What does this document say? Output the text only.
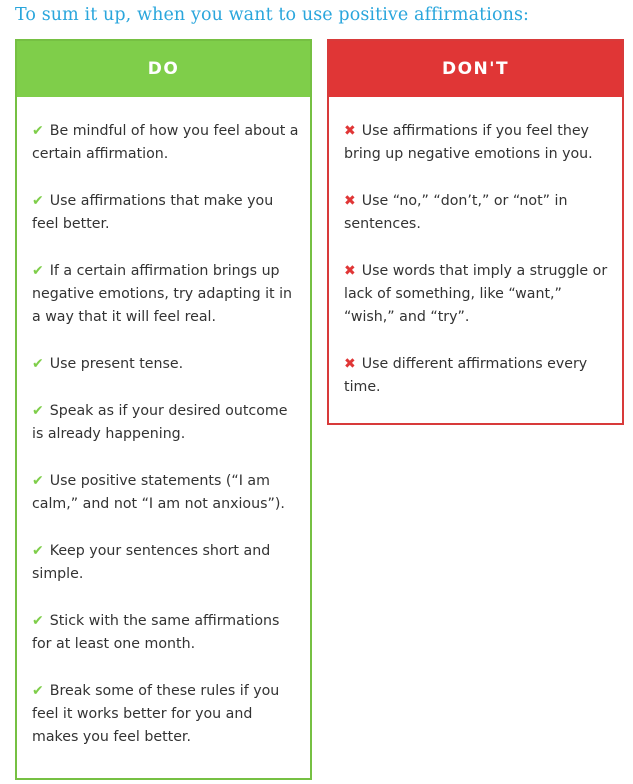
To sum it up, when you want to use positive affirmations:
DO
✔ Be mindful of how you feel about a certain affirmation.
✔ Use affirmations that make you feel better.
✔ If a certain affirmation brings up negative emotions, try adapting it in a way that it will feel real.
✔ Use present tense.
✔ Speak as if your desired outcome is already happening.
✔ Use positive statements (“I am calm,” and not “I am not anxious”).
✔ Keep your sentences short and simple.
✔ Stick with the same affirmations for at least one month.
✔ Break some of these rules if you feel it works better for you and makes you feel better.
DON'T
✖ Use affirmations if you feel they bring up negative emotions in you.
✖ Use “no,” “don’t,” or “not” in sentences.
✖ Use words that imply a struggle or lack of something, like “want,” “wish,” and “try”.
✖ Use different affirmations every time.
